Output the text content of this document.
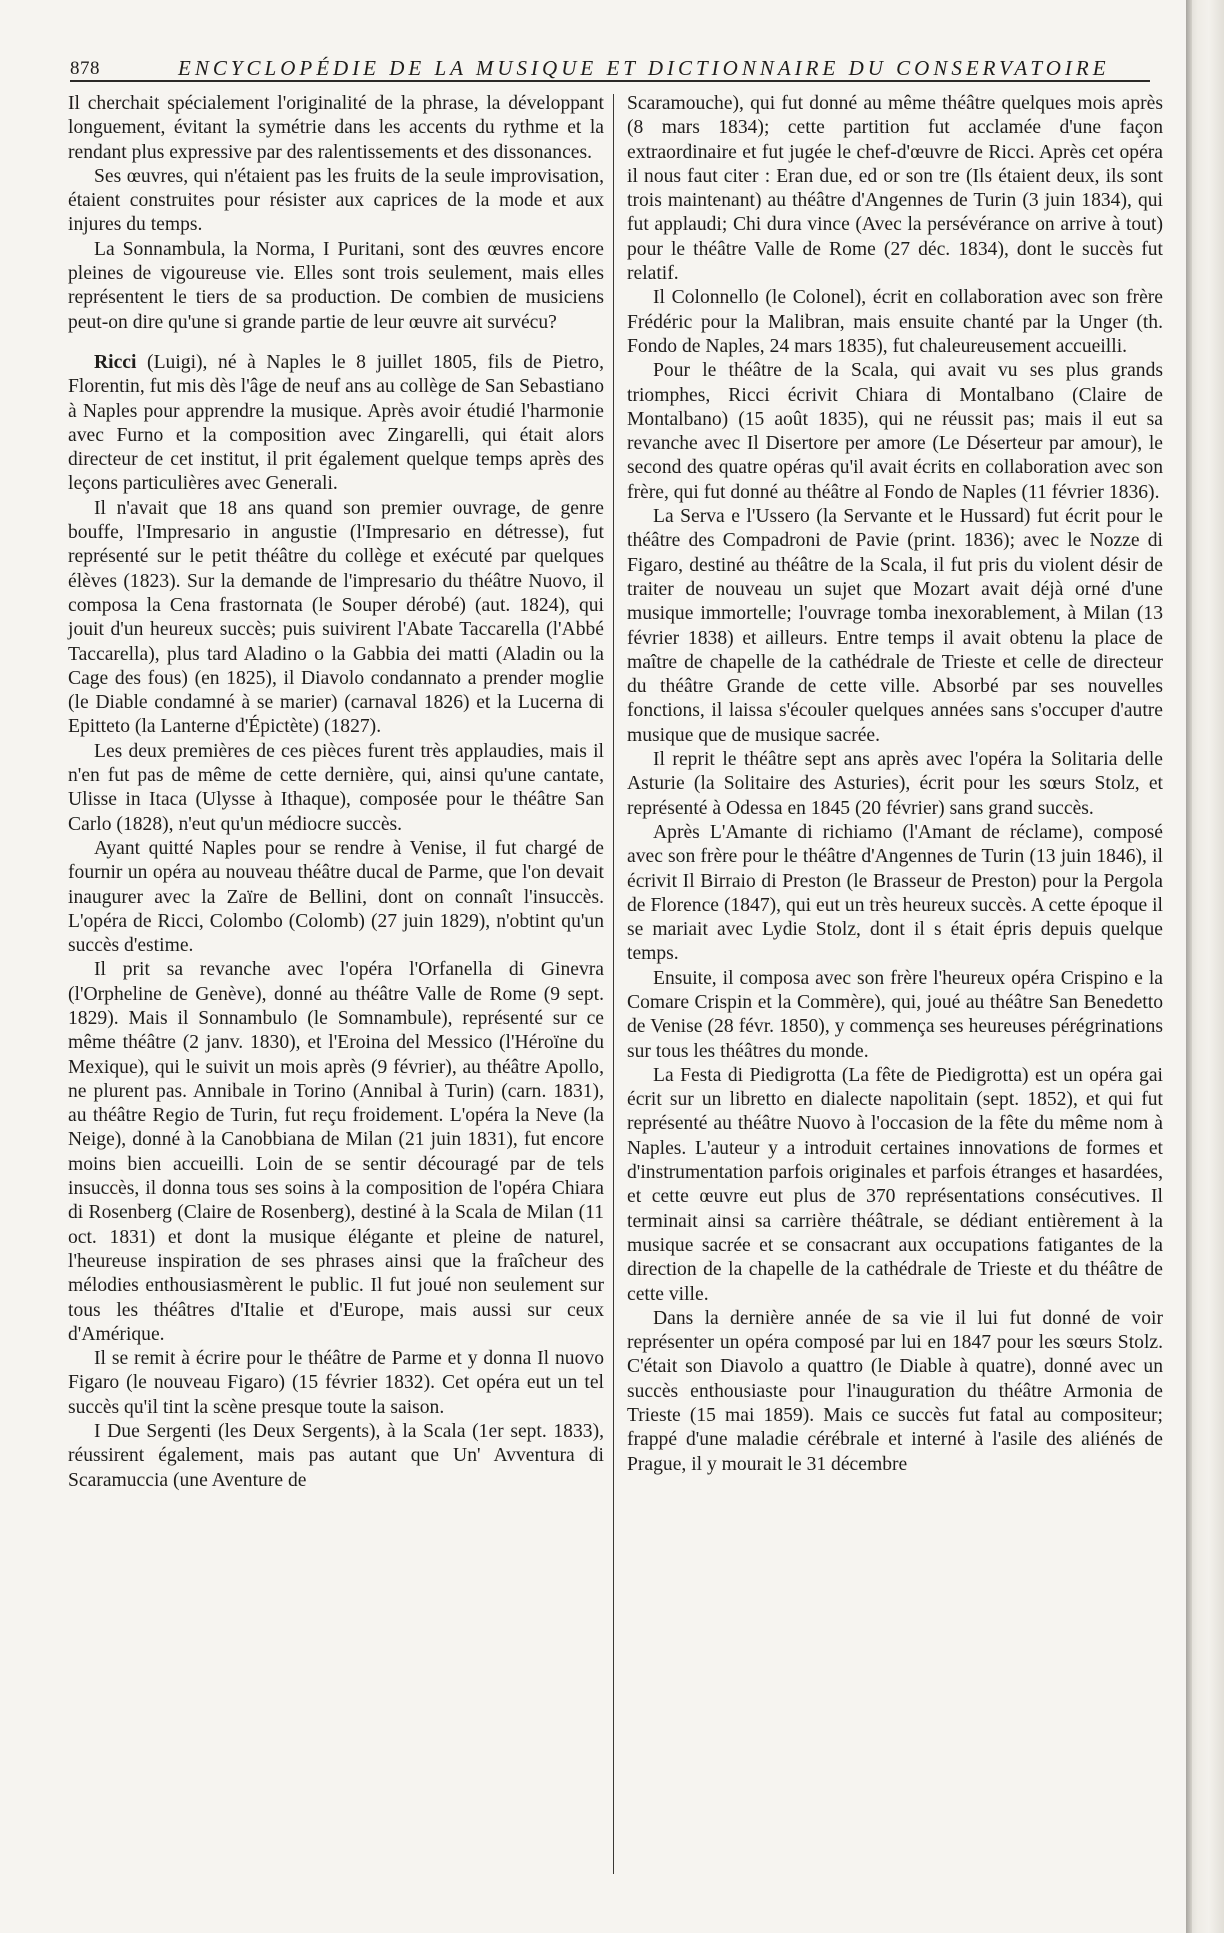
878	ENCYCLOPÉDIE DE LA MUSIQUE ET DICTIONNAIRE DU CONSERVATOIRE

Il cherchait spécialement l'originalité de la phrase, la développant longuement, évitant la symétrie dans les accents du rythme et la rendant plus expressive par des ralentissements et des dissonances.

Ses œuvres, qui n'étaient pas les fruits de la seule improvisation, étaient construites pour résister aux caprices de la mode et aux injures du temps.

La Sonnambula, la Norma, I Puritani, sont des œuvres encore pleines de vigoureuse vie. Elles sont trois seulement, mais elles représentent le tiers de sa production. De combien de musiciens peut-on dire qu'une si grande partie de leur œuvre ait survécu?

Ricci (Luigi), né à Naples le 8 juillet 1805, fils de Pietro, Florentin, fut mis dès l'âge de neuf ans au collège de San Sebastiano à Naples pour apprendre la musique. Après avoir étudié l'harmonie avec Furno et la composition avec Zingarelli, qui était alors directeur de cet institut, il prit également quelque temps après des leçons particulières avec Generali.

Il n'avait que 18 ans quand son premier ouvrage, de genre bouffe, l'Impresario in angustie (l'Impresario en détresse), fut représenté sur le petit théâtre du collège et exécuté par quelques élèves (1823). Sur la demande de l'impresario du théâtre Nuovo, il composa la Cena frastornata (le Souper dérobé) (aut. 1824), qui jouit d'un heureux succès; puis suivirent l'Abate Taccarella (l'Abbé Taccarella), plus tard Aladino o la Gabbia dei matti (Aladin ou la Cage des fous) (en 1825), il Diavolo condannato a prender moglie (le Diable condamné à se marier) (carnaval 1826) et la Lucerna di Epitteto (la Lanterne d'Épictète) (1827).

Les deux premières de ces pièces furent très applaudies, mais il n'en fut pas de même de cette dernière, qui, ainsi qu'une cantate, Ulisse in Itaca (Ulysse à Ithaque), composée pour le théâtre San Carlo (1828), n'eut qu'un médiocre succès.

Ayant quitté Naples pour se rendre à Venise, il fut chargé de fournir un opéra au nouveau théâtre ducal de Parme, que l'on devait inaugurer avec la Zaïre de Bellini, dont on connaît l'insuccès. L'opéra de Ricci, Colombo (Colomb) (27 juin 1829), n'obtint qu'un succès d'estime.

Il prit sa revanche avec l'opéra l'Orfanella di Ginevra (l'Orpheline de Genève), donné au théâtre Valle de Rome (9 sept. 1829). Mais il Sonnambulo (le Somnambule), représenté sur ce même théâtre (2 janv. 1830), et l'Eroina del Messico (l'Héroïne du Mexique), qui le suivit un mois après (9 février), au théâtre Apollo, ne plurent pas. Annibale in Torino (Annibal à Turin) (carn. 1831), au théâtre Regio de Turin, fut reçu froidement. L'opéra la Neve (la Neige), donné à la Canobbiana de Milan (21 juin 1831), fut encore moins bien accueilli. Loin de se sentir découragé par de tels insuccès, il donna tous ses soins à la composition de l'opéra Chiara di Rosenberg (Claire de Rosenberg), destiné à la Scala de Milan (11 oct. 1831) et dont la musique élégante et pleine de naturel, l'heureuse inspiration de ses phrases ainsi que la fraîcheur des mélodies enthousiasmèrent le public. Il fut joué non seulement sur tous les théâtres d'Italie et d'Europe, mais aussi sur ceux d'Amérique.

Il se remit à écrire pour le théâtre de Parme et y donna Il nuovo Figaro (le nouveau Figaro) (15 février 1832). Cet opéra eut un tel succès qu'il tint la scène presque toute la saison.

I Due Sergenti (les Deux Sergents), à la Scala (1er sept. 1833), réussirent également, mais pas autant que Un' Avventura di Scaramuccia (une Aventure de

Scaramouche), qui fut donné au même théâtre quelques mois après (8 mars 1834); cette partition fut acclamée d'une façon extraordinaire et fut jugée le chef-d'œuvre de Ricci. Après cet opéra il nous faut citer : Eran due, ed or son tre (Ils étaient deux, ils sont trois maintenant) au théâtre d'Angennes de Turin (3 juin 1834), qui fut applaudi; Chi dura vince (Avec la persévérance on arrive à tout) pour le théâtre Valle de Rome (27 déc. 1834), dont le succès fut relatif.

Il Colonnello (le Colonel), écrit en collaboration avec son frère Frédéric pour la Malibran, mais ensuite chanté par la Unger (th. Fondo de Naples, 24 mars 1835), fut chaleureusement accueilli.

Pour le théâtre de la Scala, qui avait vu ses plus grands triomphes, Ricci écrivit Chiara di Montalbano (Claire de Montalbano) (15 août 1835), qui ne réussit pas; mais il eut sa revanche avec Il Disertore per amore (Le Déserteur par amour), le second des quatre opéras qu'il avait écrits en collaboration avec son frère, qui fut donné au théâtre al Fondo de Naples (11 février 1836).

La Serva e l'Ussero (la Servante et le Hussard) fut écrit pour le théâtre des Compadroni de Pavie (print. 1836); avec le Nozze di Figaro, destiné au théâtre de la Scala, il fut pris du violent désir de traiter de nouveau un sujet que Mozart avait déjà orné d'une musique immortelle; l'ouvrage tomba inexorablement, à Milan (13 février 1838) et ailleurs. Entre temps il avait obtenu la place de maître de chapelle de la cathédrale de Trieste et celle de directeur du théâtre Grande de cette ville. Absorbé par ses nouvelles fonctions, il laissa s'écouler quelques années sans s'occuper d'autre musique que de musique sacrée.

Il reprit le théâtre sept ans après avec l'opéra la Solitaria delle Asturie (la Solitaire des Asturies), écrit pour les sœurs Stolz, et représenté à Odessa en 1845 (20 février) sans grand succès.

Après L'Amante di richiamo (l'Amant de réclame), composé avec son frère pour le théâtre d'Angennes de Turin (13 juin 1846), il écrivit Il Birraio di Preston (le Brasseur de Preston) pour la Pergola de Florence (1847), qui eut un très heureux succès. A cette époque il se mariait avec Lydie Stolz, dont il s était épris depuis quelque temps.

Ensuite, il composa avec son frère l'heureux opéra Crispino e la Comare Crispin et la Commère), qui, joué au théâtre San Benedetto de Venise (28 févr. 1850), y commença ses heureuses pérégrinations sur tous les théâtres du monde.

La Festa di Piedigrotta (La fête de Piedigrotta) est un opéra gai écrit sur un libretto en dialecte napolitain (sept. 1852), et qui fut représenté au théâtre Nuovo à l'occasion de la fête du même nom à Naples. L'auteur y a introduit certaines innovations de formes et d'instrumentation parfois originales et parfois étranges et hasardées, et cette œuvre eut plus de 370 représentations consécutives. Il terminait ainsi sa carrière théâtrale, se dédiant entièrement à la musique sacrée et se consacrant aux occupations fatigantes de la direction de la chapelle de la cathédrale de Trieste et du théâtre de cette ville.

Dans la dernière année de sa vie il lui fut donné de voir représenter un opéra composé par lui en 1847 pour les sœurs Stolz. C'était son Diavolo a quattro (le Diable à quatre), donné avec un succès enthousiaste pour l'inauguration du théâtre Armonia de Trieste (15 mai 1859). Mais ce succès fut fatal au compositeur; frappé d'une maladie cérébrale et interné à l'asile des aliénés de Prague, il y mourait le 31 décembre
